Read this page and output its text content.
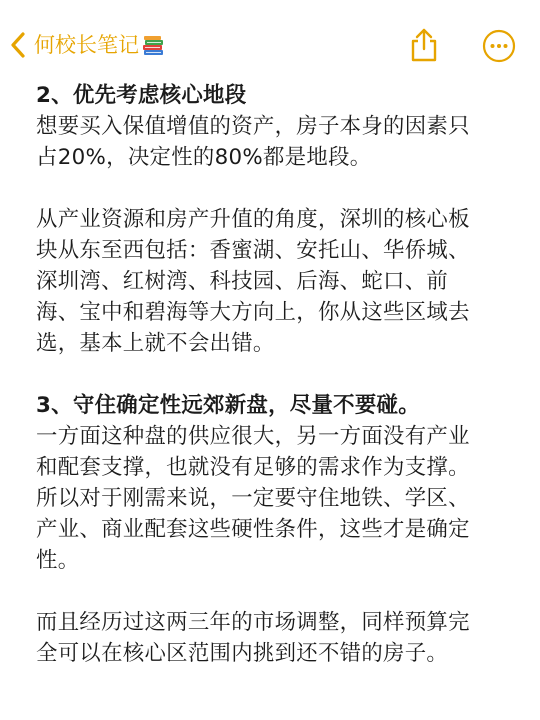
何校长笔记

2、优先考虑核心地段

想要买入保值增值的资产，房子本身的因素只

占20%，决定性的80%都是地段。

从产业资源和房产升值的角度，深圳的核心板

块从东至西包括：香蜜湖、安托山、华侨城、

深圳湾、红树湾、科技园、后海、蛇口、前

海、宝中和碧海等大方向上，你从这些区域去

选，基本上就不会出错。

3、守住确定性远郊新盘，尽量不要碰。

一方面这种盘的供应很大，另一方面没有产业

和配套支撑，也就没有足够的需求作为支撑。

所以对于刚需来说，一定要守住地铁、学区、

产业、商业配套这些硬性条件，这些才是确定

性。

而且经历过这两三年的市场调整，同样预算完

全可以在核心区范围内挑到还不错的房子。
